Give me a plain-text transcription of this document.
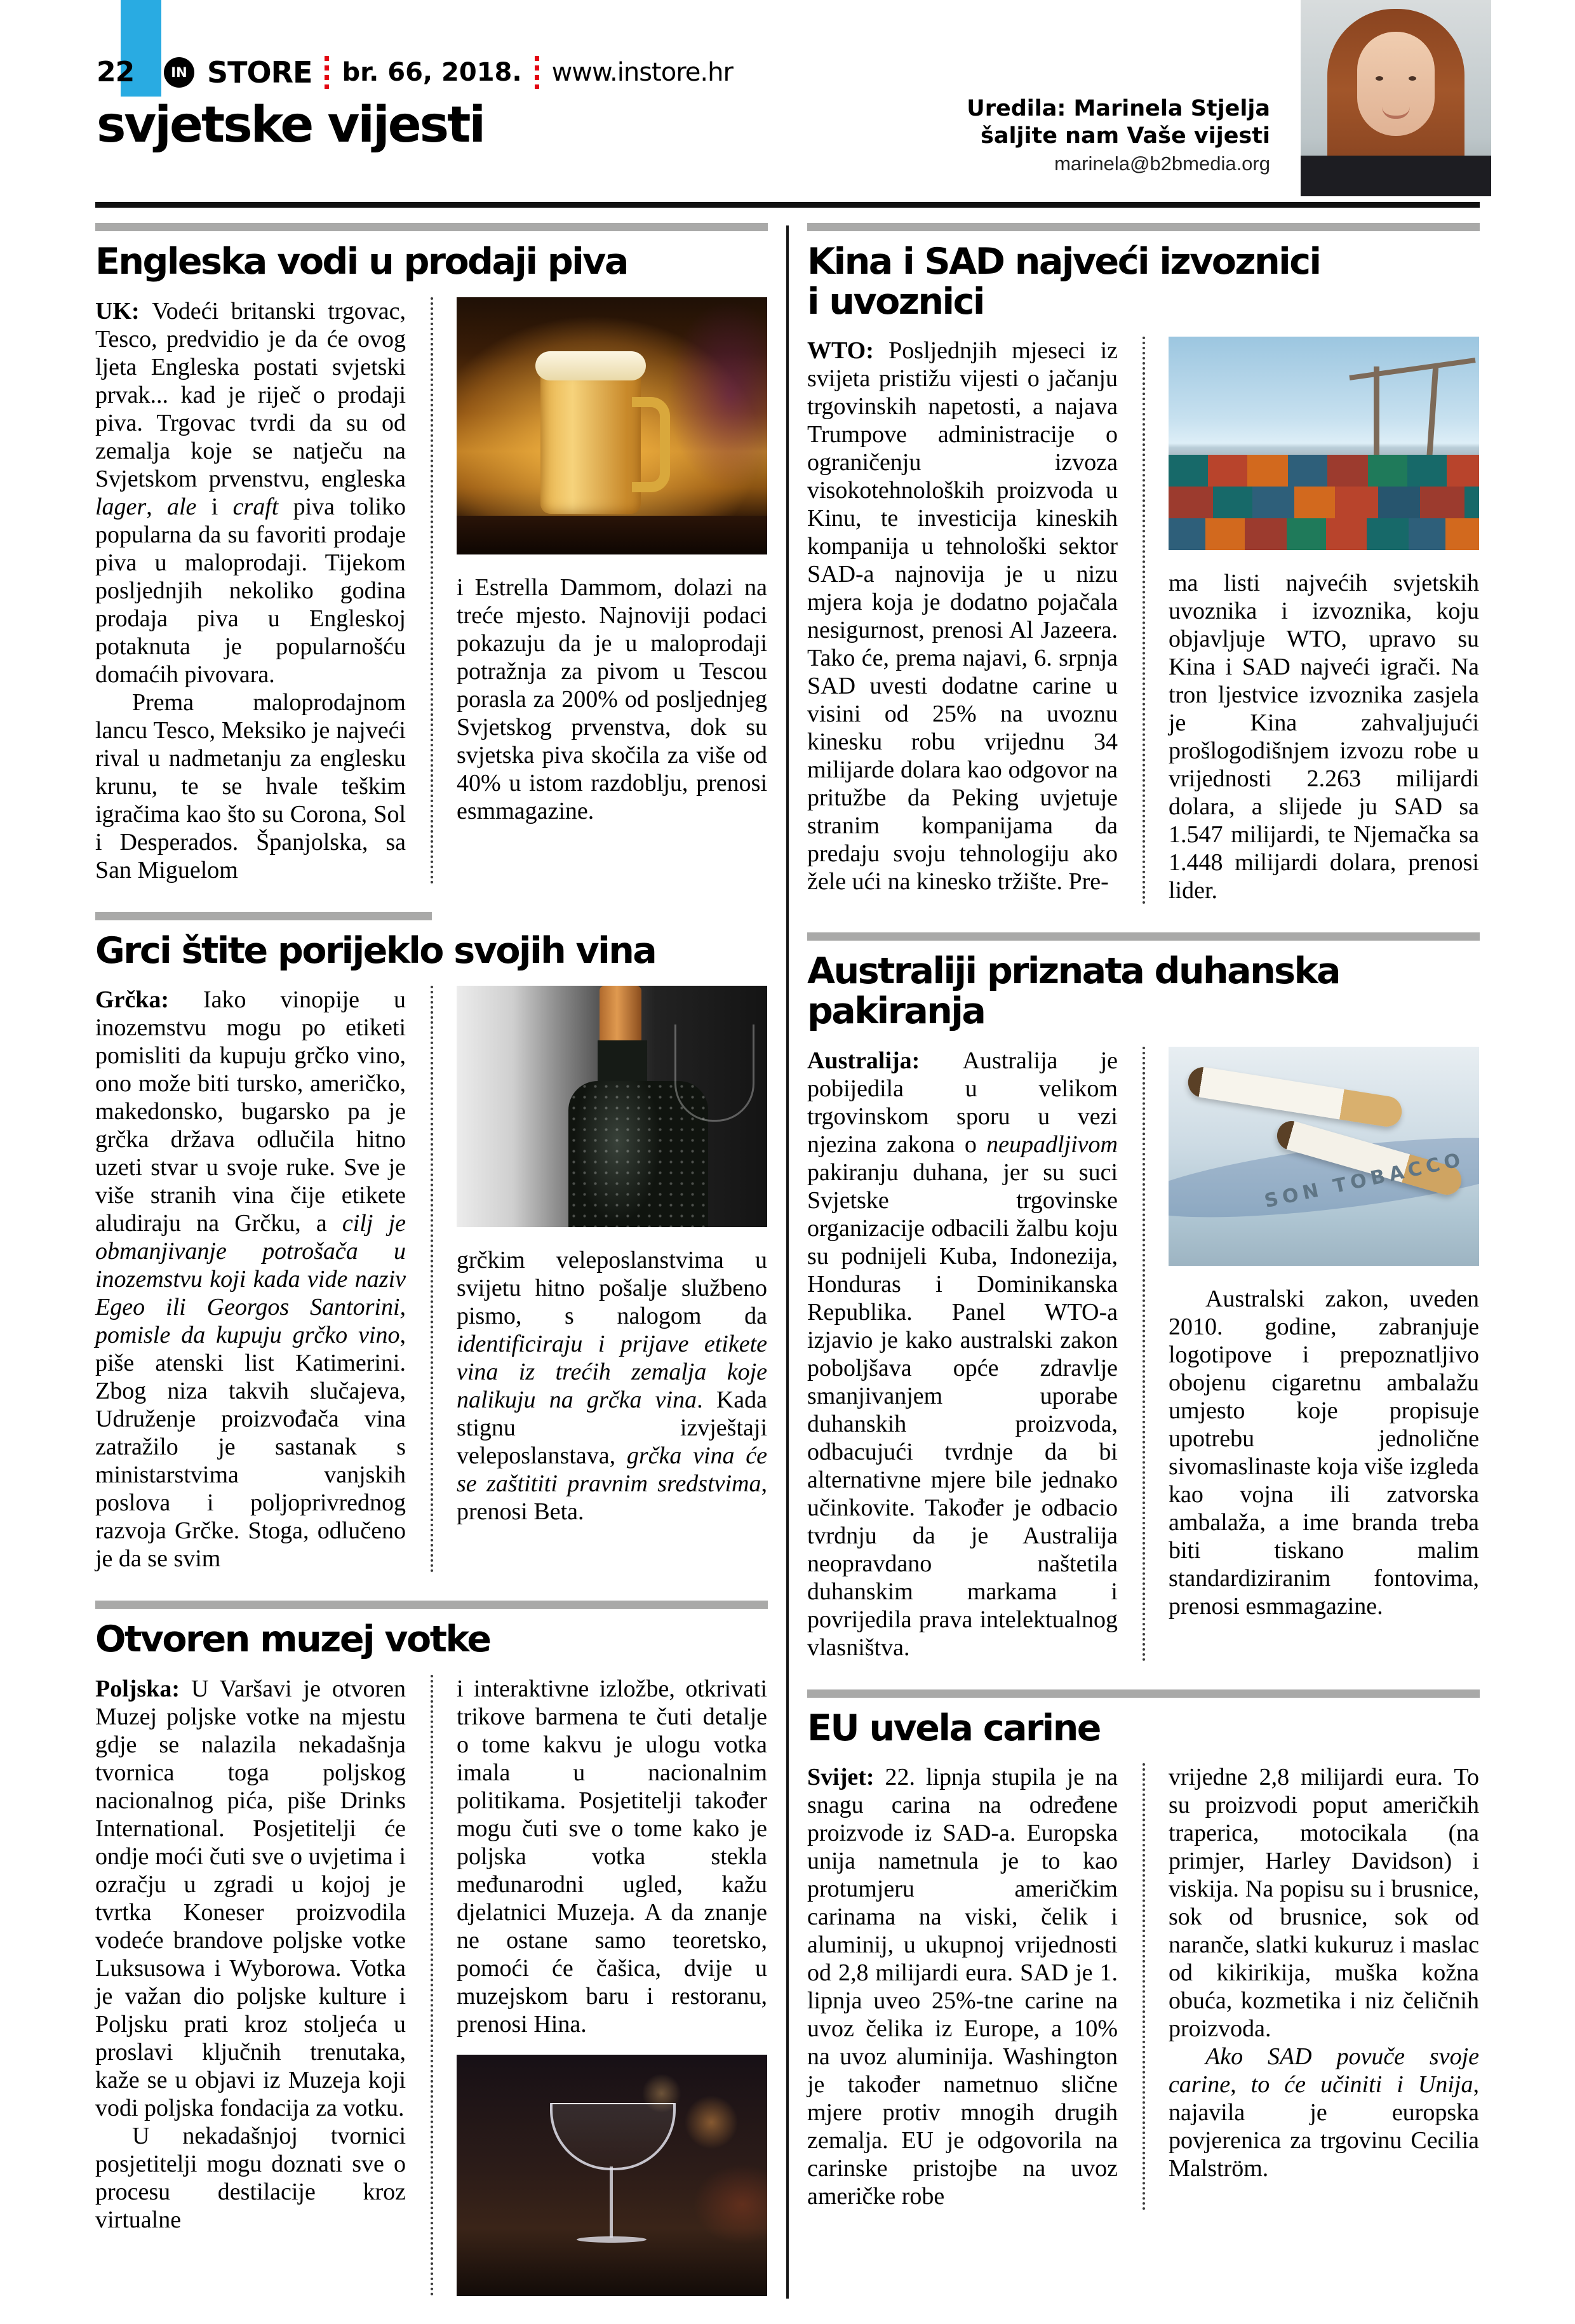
22	IN STORE br. 66, 2018. www.instore.hr
svjetske vijesti	Uredila: Marinela Stjelja
šaljite nam Vaše vijesti
marinela@b2bmedia.org
Engleska vodi u prodaji piva

UK: Vodeći britanski trgovac, Tesco, predvidio je da će ovog ljeta Engleska postati svjetski prvak... kad je riječ o prodaji piva. Trgovac tvrdi da su od zemalja koje se natječu na Svjetskom prvenstvu, engleska lager, ale i craft piva toliko popularna da su favoriti prodaje piva u maloprodaji. Tijekom posljednjih nekoliko godina prodaja piva u Engleskoj potaknuta je popularnošću domaćih pivovara.

Prema maloprodajnom lancu Tesco, Meksiko je najveći rival u nadmetanju za englesku krunu, te se hvale teškim igračima kao što su Corona, Sol i Desperados. Španjolska, sa San Miguelom

i Estrella Dammom, dolazi na treće mjesto. Najnoviji podaci pokazuju da je u maloprodaji potražnja za pivom u Tescou porasla za 200% od posljednjeg Svjetskog prvenstva, dok su svjetska piva skočila za više od 40% u istom razdoblju, prenosi esmmagazine.

Grci štite porijeklo svojih vina

Grčka: Iako vinopije u inozemstvu mogu po etiketi pomisliti da kupuju grčko vino, ono može biti tursko, američko, makedonsko, bugarsko pa je grčka država odlučila hitno uzeti stvar u svoje ruke. Sve je više stranih vina čije etikete aludiraju na Grčku, a cilj je obmanjivanje potrošača u inozemstvu koji kada vide naziv Egeo ili Georgos Santorini, pomisle da kupuju grčko vino, piše atenski list Katimerini. Zbog niza takvih slučajeva, Udruženje proizvođača vina zatražilo je sastanak s ministarstvima vanjskih poslova i poljoprivrednog razvoja Grčke. Stoga, odlučeno je da se svim

grčkim veleposlanstvima u svijetu hitno pošalje službeno pismo, s nalogom da identificiraju i prijave etikete vina iz trećih zemalja koje nalikuju na grčka vina. Kada stignu izvještaji veleposlanstava, grčka vina će se zaštititi pravnim sredstvima, prenosi Beta.

Otvoren muzej votke

Poljska: U Varšavi je otvoren Muzej poljske votke na mjestu gdje se nalazila nekadašnja tvornica toga poljskog nacionalnog pića, piše Drinks International. Posjetitelji će ondje moći čuti sve o uvjetima i ozračju u zgradi u kojoj je tvrtka Koneser proizvodila vodeće brandove poljske votke Luksusowa i Wyborowa. Votka je važan dio poljske kulture i Poljsku prati kroz stoljeća u proslavi ključnih trenutaka, kaže se u objavi iz Muzeja koji vodi poljska fondacija za votku.

U nekadašnjoj tvornici posjetitelji mogu doznati sve o procesu destilacije kroz virtualne

i interaktivne izložbe, otkrivati trikove barmena te čuti detalje o tome kakvu je ulogu votka imala u nacionalnim politikama. Posjetitelji također mogu čuti sve o tome kako je poljska votka stekla međunarodni ugled, kažu djelatnici Muzeja. A da znanje ne ostane samo teoretsko, pomoći će čašica, dvije u muzejskom baru i restoranu, prenosi Hina.

Kina i SAD najveći izvoznici
i uvoznici

WTO: Posljednjih mjeseci iz svijeta pristižu vijesti o jačanju trgovinskih napetosti, a najava Trumpove administracije o ograničenju izvoza visokotehnoloških proizvoda u Kinu, te investicija kineskih kompanija u tehnološki sektor SAD-a najnovija je u nizu mjera koja je dodatno pojačala nesigurnost, prenosi Al Jazeera. Tako će, prema najavi, 6. srpnja SAD uvesti dodatne carine u visini od 25% na uvoznu kinesku robu vrijednu 34 milijarde dolara kao odgovor na pritužbe da Peking uvjetuje stranim kompanijama da predaju svoju tehnologiju ako žele ući na kinesko tržište. Pre-

ma listi najvećih svjetskih uvoznika i izvoznika, koju objavljuje WTO, upravo su Kina i SAD najveći igrači. Na tron ljestvice izvoznika zasjela je Kina zahvaljujući prošlogodišnjem izvozu robe u vrijednosti 2.263 milijardi dolara, a slijede ju SAD sa 1.547 milijardi, te Njemačka sa 1.448 milijardi dolara, prenosi lider.

Australiji priznata duhanska
pakiranja

Australija: Australija je pobijedila u velikom trgovinskom sporu u vezi njezina zakona o neupadljivom pakiranju duhana, jer su suci Svjetske trgovinske organizacije odbacili žalbu koju su podnijeli Kuba, Indonezija, Honduras i Dominikanska Republika. Panel WTO-a izjavio je kako australski zakon poboljšava opće zdravlje smanjivanjem uporabe duhanskih proizvoda, odbacujući tvrdnje da bi alternativne mjere bile jednako učinkovite. Također je odbacio tvrdnju da je Australija neopravdano naštetila duhanskim markama i povrijedila prava intelektualnog vlasništva.

SON TOBACCO

Australski zakon, uveden 2010. godine, zabranjuje logotipove i prepoznatljivo obojenu cigaretnu ambalažu umjesto koje propisuje upotrebu jednolične sivomaslinaste koja više izgleda kao vojna ili zatvorska ambalaža, a ime branda treba biti tiskano malim standardiziranim fontovima, prenosi esmmagazine.

EU uvela carine

Svijet: 22. lipnja stupila je na snagu carina na određene proizvode iz SAD-a. Europska unija nametnula je to kao protumjeru američkim carinama na viski, čelik i aluminij, u ukupnoj vrijednosti od 2,8 milijardi eura. SAD je 1. lipnja uveo 25%-tne carine na uvoz čelika iz Europe, a 10% na uvoz aluminija. Washington je također nametnuo slične mjere protiv mnogih drugih zemalja. EU je odgovorila na carinske pristojbe na uvoz američke robe

vrijedne 2,8 milijardi eura. To su proizvodi poput američkih traperica, motocikala (na primjer, Harley Davidson) i viskija. Na popisu su i brusnice, sok od brusnice, sok od naranče, slatki kukuruz i maslac od kikirikija, muška kožna obuća, kozmetika i niz čeličnih proizvoda.

Ako SAD povuče svoje carine, to će učiniti i Unija, najavila je europska povjerenica za trgovinu Cecilia Malström.
